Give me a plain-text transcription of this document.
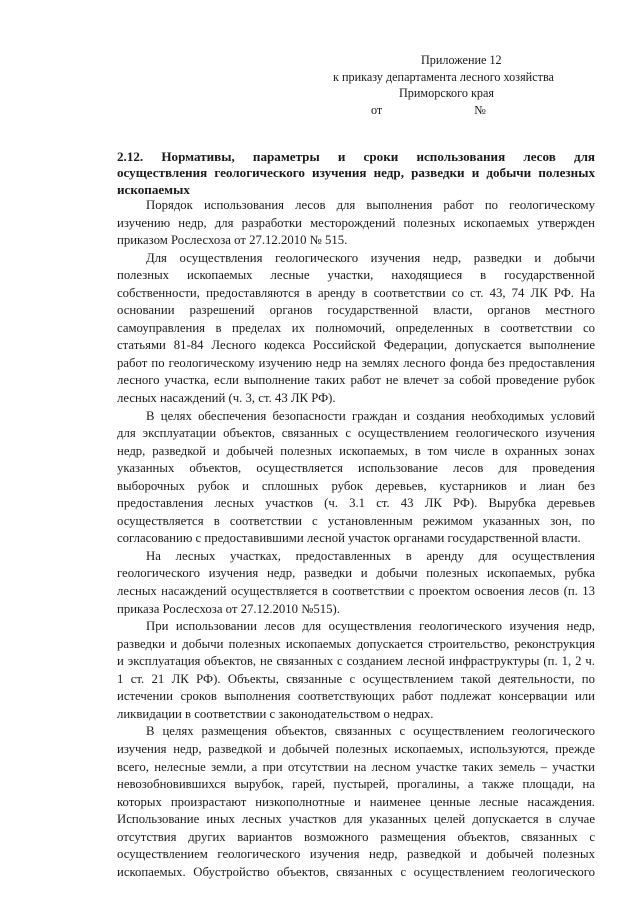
Приложение 12
к приказу департамента лесного хозяйства
Приморского края
от	№
2.12. Нормативы, параметры и сроки использования лесов для
осуществления геологического изучения недр, разведки и добычи полезных
ископаемых
Порядок использования лесов для выполнения работ по геологическому
изучению недр, для разработки месторождений полезных ископаемых утвержден
приказом Рослесхоза от 27.12.2010 № 515.
Для осуществления геологического изучения недр, разведки и добычи
полезных ископаемых лесные участки, находящиеся в государственной
собственности, предоставляются в аренду в соответствии со ст. 43, 74 ЛК РФ. На
основании разрешений органов государственной власти, органов местного
самоуправления в пределах их полномочий, определенных в соответствии со
статьями 81-84 Лесного кодекса Российской Федерации, допускается выполнение
работ по геологическому изучению недр на землях лесного фонда без предоставления
лесного участка, если выполнение таких работ не влечет за собой проведение рубок
лесных насаждений (ч. 3, ст. 43 ЛК РФ).
В целях обеспечения безопасности граждан и создания необходимых условий
для эксплуатации объектов, связанных с осуществлением геологического изучения
недр, разведкой и добычей полезных ископаемых, в том числе в охранных зонах
указанных объектов, осуществляется использование лесов для проведения
выборочных рубок и сплошных рубок деревьев, кустарников и лиан без
предоставления лесных участков (ч. 3.1 ст. 43 ЛК РФ). Вырубка деревьев
осуществляется в соответствии с установленным режимом указанных зон, по
согласованию с предоставившими лесной участок органами государственной власти.
На лесных участках, предоставленных в аренду для осуществления
геологического изучения недр, разведки и добычи полезных ископаемых, рубка
лесных насаждений осуществляется в соответствии с проектом освоения лесов (п. 13
приказа Рослесхоза от 27.12.2010 №515).
При использовании лесов для осуществления геологического изучения недр,
разведки и добычи полезных ископаемых допускается строительство, реконструкция
и эксплуатация объектов, не связанных с созданием лесной инфраструктуры (п. 1, 2 ч.
1 ст. 21 ЛК РФ). Объекты, связанные с осуществлением такой деятельности, по
истечении сроков выполнения соответствующих работ подлежат консервации или
ликвидации в соответствии с законодательством о недрах.
В целях размещения объектов, связанных с осуществлением геологического
изучения недр, разведкой и добычей полезных ископаемых, используются, прежде
всего, нелесные земли, а при отсутствии на лесном участке таких земель – участки
невозобновившихся вырубок, гарей, пустырей, прогалины, а также площади, на
которых произрастают низкополнотные и наименее ценные лесные насаждения.
Использование иных лесных участков для указанных целей допускается в случае
отсутствия других вариантов возможного размещения объектов, связанных с
осуществлением геологического изучения недр, разведкой и добычей полезных
ископаемых. Обустройство объектов, связанных с осуществлением геологического
